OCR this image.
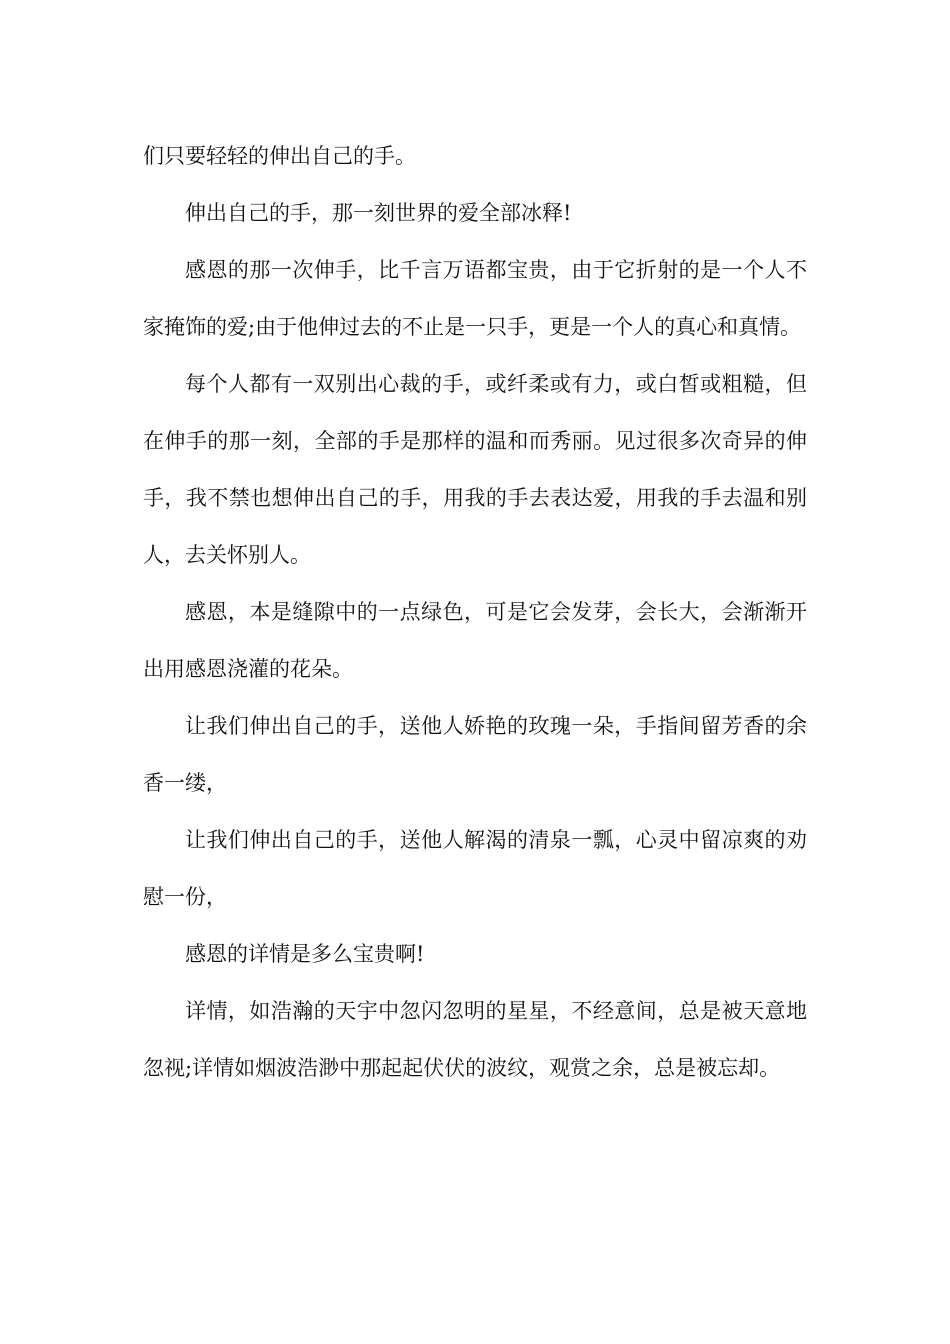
们只要轻轻的伸出自己的手。

伸出自己的手，那一刻世界的爱全部冰释!

感恩的那一次伸手，比千言万语都宝贵，由于它折射的是一个人不家掩饰的爱;由于他伸过去的不止是一只手，更是一个人的真心和真情。

每个人都有一双别出心裁的手，或纤柔或有力，或白皙或粗糙，但在伸手的那一刻，全部的手是那样的温和而秀丽。见过很多次奇异的伸手，我不禁也想伸出自己的手，用我的手去表达爱，用我的手去温和别人，去关怀别人。

感恩，本是缝隙中的一点绿色，可是它会发芽，会长大，会渐渐开出用感恩浇灌的花朵。

让我们伸出自己的手，送他人娇艳的玫瑰一朵，手指间留芳香的余香一缕，

让我们伸出自己的手，送他人解渴的清泉一瓢，心灵中留凉爽的劝慰一份，

感恩的详情是多么宝贵啊!

详情，如浩瀚的天宇中忽闪忽明的星星，不经意间，总是被天意地忽视;详情如烟波浩渺中那起起伏伏的波纹，观赏之余，总是被忘却。
